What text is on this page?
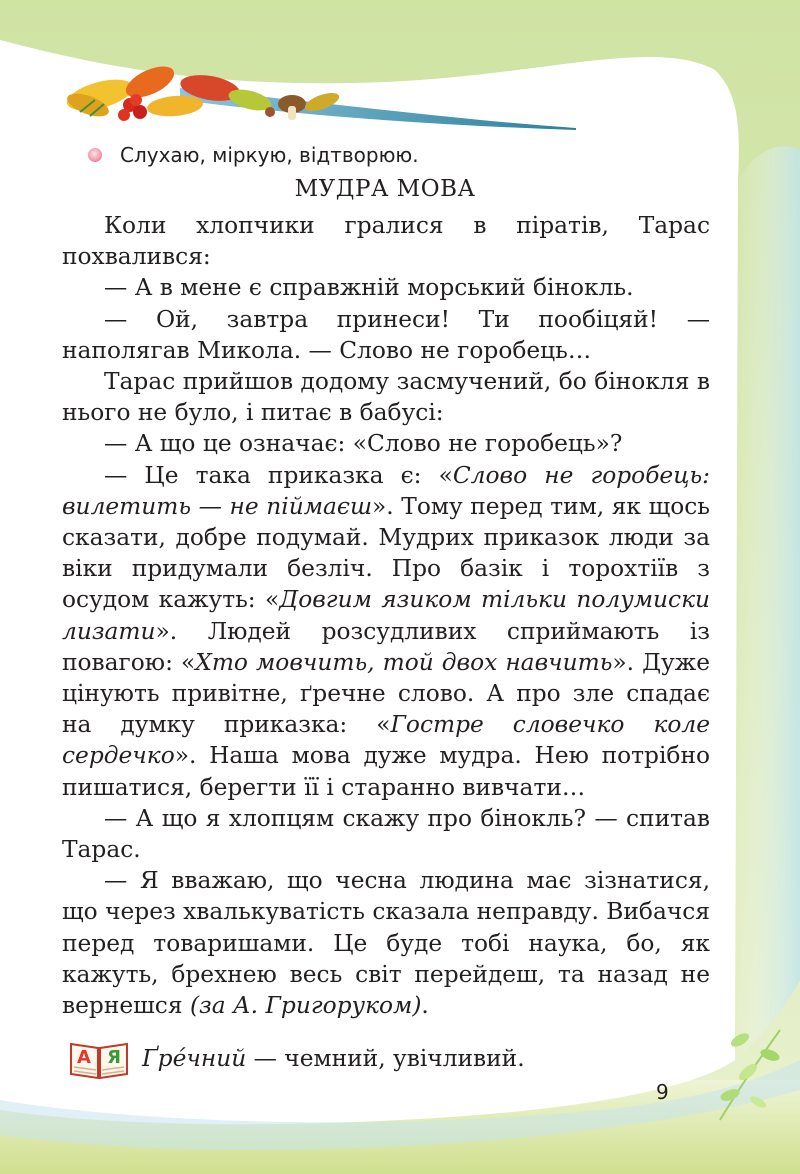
Слухаю, міркую, відтворюю.
МУДРА МОВА

Коли хлопчики гралися в піратів, Тарас похвалився:

— А в мене є справжній морський бінокль.

— Ой, завтра принеси! Ти пообіцяй! — наполягав Микола. — Слово не горобець…

Тарас прийшов додому засмучений, бо бінокля в нього не було, і питає в бабусі:

— А що це означає: «Слово не горобець»?

— Це така приказка є: «Слово не горобець: вилетить — не піймаєш». Тому перед тим, як щось сказати, добре подумай. Мудрих приказок люди за віки придумали безліч. Про базік і торохтіїв з осудом кажуть: «Довгим язиком тільки полумиски лизати». Людей розсудливих сприймають із повагою: «Хто мовчить, той двох навчить». Дуже цінують привітне, ґречне слово. А про зле спадає на думку приказка: «Гостре словечко коле сердечко». Наша мова дуже мудра. Нею потрібно пишатися, берегти її і старанно вивчати…

— А що я хлопцям скажу про бінокль? — спитав Тарас.

— Я вважаю, що чесна людина має зізнатися, що через хвалькуватість сказала неправду. Вибачся перед товаришами. Це буде тобі наука, бо, як кажуть, брехнею весь світ перейдеш, та назад не вернешся (за А. Григоруком).

А Я Ґре́чний — чемний, увічливий.
9
